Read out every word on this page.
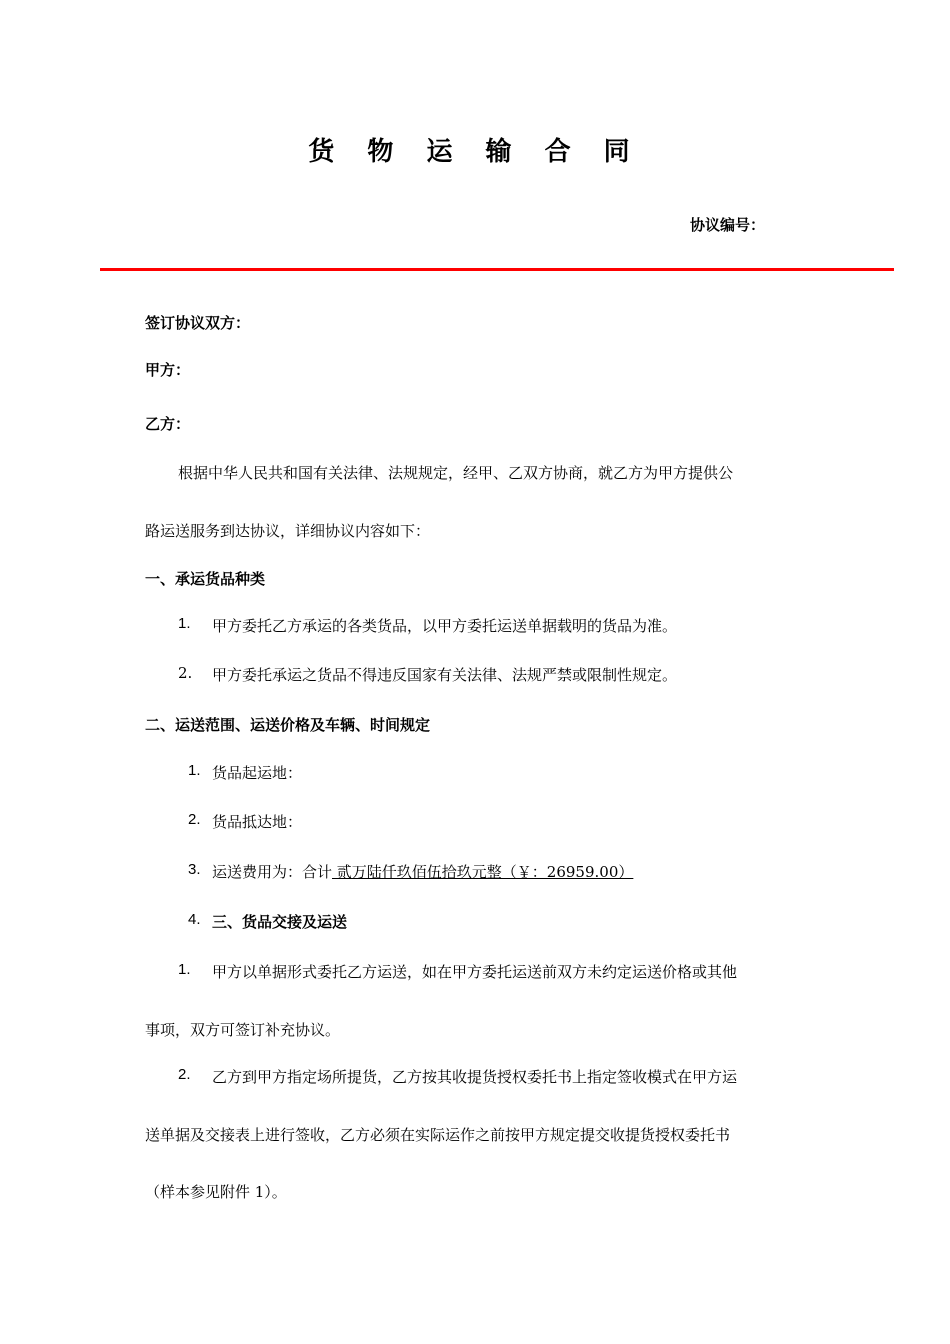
货 物 运 输 合 同
协议编号：
签订协议双方：
甲方：
乙方：
根据中华人民共和国有关法律、法规规定，经甲、乙双方协商，就乙方为甲方提供公
路运送服务到达协议，详细协议内容如下：
一、承运货品种类
1. 甲方委托乙方承运的各类货品，以甲方委托运送单据载明的货品为准。
2. 甲方委托承运之货品不得违反国家有关法律、法规严禁或限制性规定。
二、运送范围、运送价格及车辆、时间规定
1. 货品起运地：
2. 货品抵达地：
3. 运送费用为：合计 贰万陆仟玖佰伍拾玖元整（￥：26959.00）
4. 三、货品交接及运送
1. 甲方以单据形式委托乙方运送，如在甲方委托运送前双方未约定运送价格或其他
事项，双方可签订补充协议。
2. 乙方到甲方指定场所提货，乙方按其收提货授权委托书上指定签收模式在甲方运
送单据及交接表上进行签收，乙方必须在实际运作之前按甲方规定提交收提货授权委托书
（样本参见附件 1）。
